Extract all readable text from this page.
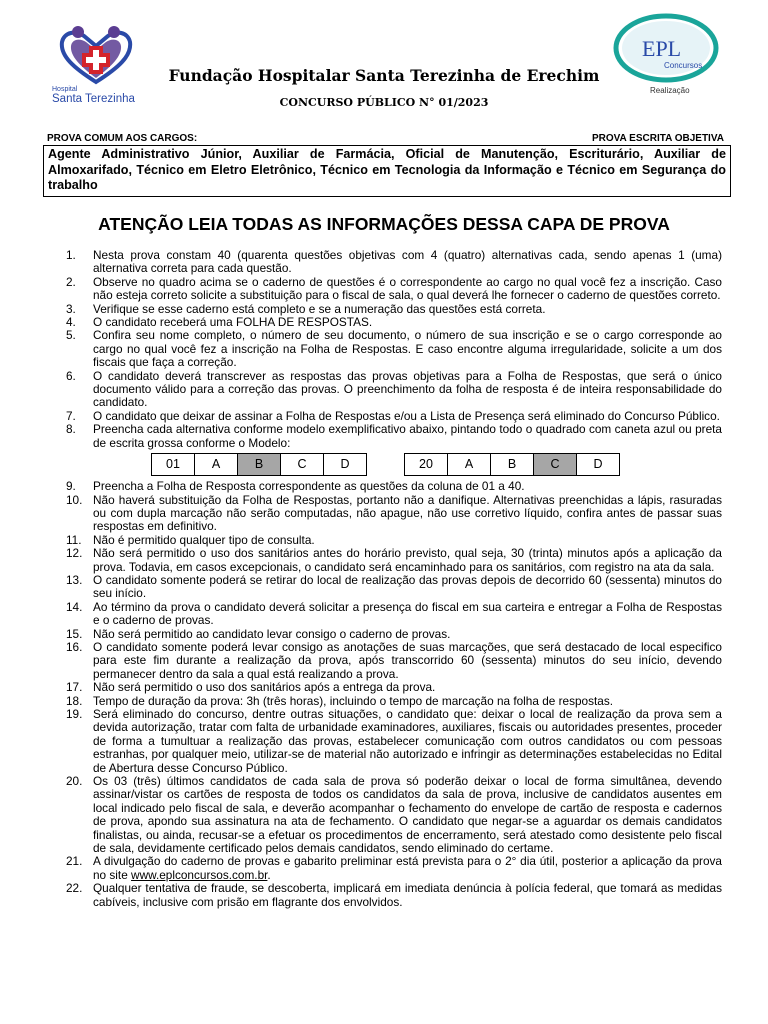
Hospital
Santa Terezinha
Fundação Hospitalar Santa Terezinha de Erechim
CONCURSO PÚBLICO N° 01/2023
EPL
Concursos
Realização
PROVA COMUM AOS CARGOS:	PROVA ESCRITA OBJETIVA
Agente Administrativo Júnior, Auxiliar de Farmácia, Oficial de Manutenção, Escriturário, Auxiliar de Almoxarifado, Técnico em Eletro Eletrônico, Técnico em Tecnologia da Informação e Técnico em Segurança do trabalho
ATENÇÃO LEIA TODAS AS INFORMAÇÕES DESSA CAPA DE PROVA
1. Nesta prova constam 40 (quarenta questões objetivas com 4 (quatro) alternativas cada, sendo apenas 1 (uma) alternativa correta para cada questão.
2. Observe no quadro acima se o caderno de questões é o correspondente ao cargo no qual você fez a inscrição. Caso não esteja correto solicite a substituição para o fiscal de sala, o qual deverá lhe fornecer o caderno de questões correto.
3. Verifique se esse caderno está completo e se a numeração das questões está correta.
4. O candidato receberá uma FOLHA DE RESPOSTAS.
5. Confira seu nome completo, o número de seu documento, o número de sua inscrição e se o cargo corresponde ao cargo no qual você fez a inscrição na Folha de Respostas. E caso encontre alguma irregularidade, solicite a um dos fiscais que faça a correção.
6. O candidato deverá transcrever as respostas das provas objetivas para a Folha de Respostas, que será o único documento válido para a correção das provas. O preenchimento da folha de resposta é de inteira responsabilidade do candidato.
7. O candidato que deixar de assinar a Folha de Respostas e/ou a Lista de Presença será eliminado do Concurso Público.
8. Preencha cada alternativa conforme modelo exemplificativo abaixo, pintando todo o quadrado com caneta azul ou preta de escrita grossa conforme o Modelo:
01	A	B	C	D	20	A	B	C	D
9. Preencha a Folha de Resposta correspondente as questões da coluna de 01 a 40.
10. Não haverá substituição da Folha de Respostas, portanto não a danifique. Alternativas preenchidas a lápis, rasuradas ou com dupla marcação não serão computadas, não apague, não use corretivo líquido, confira antes de passar suas respostas em definitivo.
11. Não é permitido qualquer tipo de consulta.
12. Não será permitido o uso dos sanitários antes do horário previsto, qual seja, 30 (trinta) minutos após a aplicação da prova. Todavia, em casos excepcionais, o candidato será encaminhado para os sanitários, com registro na ata da sala.
13. O candidato somente poderá se retirar do local de realização das provas depois de decorrido 60 (sessenta) minutos do seu início.
14. Ao término da prova o candidato deverá solicitar a presença do fiscal em sua carteira e entregar a Folha de Respostas e o caderno de provas.
15. Não será permitido ao candidato levar consigo o caderno de provas.
16. O candidato somente poderá levar consigo as anotações de suas marcações, que será destacado de local especifico para este fim durante a realização da prova, após transcorrido 60 (sessenta) minutos do seu início, devendo permanecer dentro da sala a qual está realizando a prova.
17. Não será permitido o uso dos sanitários após a entrega da prova.
18. Tempo de duração da prova: 3h (três horas), incluindo o tempo de marcação na folha de respostas.
19. Será eliminado do concurso, dentre outras situações, o candidato que: deixar o local de realização da prova sem a devida autorização, tratar com falta de urbanidade examinadores, auxiliares, fiscais ou autoridades presentes, proceder de forma a tumultuar a realização das provas, estabelecer comunicação com outros candidatos ou com pessoas estranhas, por qualquer meio, utilizar-se de material não autorizado e infringir as determinações estabelecidas no Edital de Abertura desse Concurso Público.
20. Os 03 (três) últimos candidatos de cada sala de prova só poderão deixar o local de forma simultânea, devendo assinar/vistar os cartões de resposta de todos os candidatos da sala de prova, inclusive de candidatos ausentes em local indicado pelo fiscal de sala, e deverão acompanhar o fechamento do envelope de cartão de resposta e cadernos de prova, apondo sua assinatura na ata de fechamento. O candidato que negar-se a aguardar os demais candidatos finalistas, ou ainda, recusar-se a efetuar os procedimentos de encerramento, será atestado como desistente pelo fiscal de sala, devidamente certificado pelos demais candidatos, sendo eliminado do certame.
21. A divulgação do caderno de provas e gabarito preliminar está prevista para o 2° dia útil, posterior a aplicação da prova no site www.eplconcursos.com.br.
22. Qualquer tentativa de fraude, se descoberta, implicará em imediata denúncia à polícia federal, que tomará as medidas cabíveis, inclusive com prisão em flagrante dos envolvidos.
